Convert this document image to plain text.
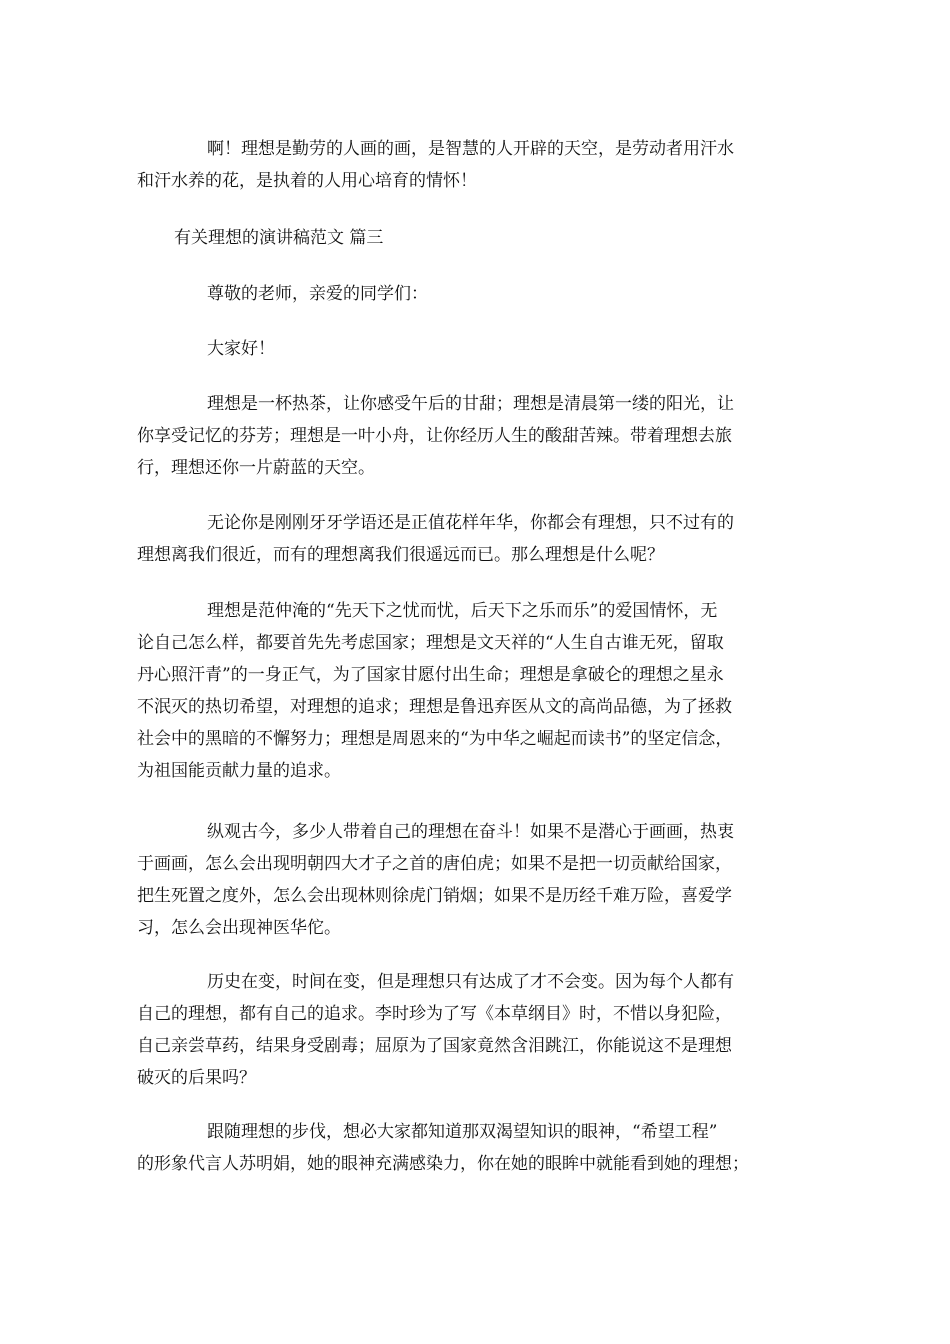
啊！理想是勤劳的人画的画，是智慧的人开辟的天空，是劳动者用汗水
和汗水养的花，是执着的人用心培育的情怀！
有关理想的演讲稿范文 篇三
尊敬的老师，亲爱的同学们：
大家好！
理想是一杯热茶，让你感受午后的甘甜；理想是清晨第一缕的阳光，让
你享受记忆的芬芳；理想是一叶小舟，让你经历人生的酸甜苦辣。带着理想去旅
行，理想还你一片蔚蓝的天空。
无论你是刚刚牙牙学语还是正值花样年华，你都会有理想，只不过有的
理想离我们很近，而有的理想离我们很遥远而已。那么理想是什么呢？
理想是范仲淹的“先天下之忧而忧，后天下之乐而乐”的爱国情怀，无
论自己怎么样，都要首先先考虑国家；理想是文天祥的“人生自古谁无死，留取
丹心照汗青”的一身正气，为了国家甘愿付出生命；理想是拿破仑的理想之星永
不泯灭的热切希望，对理想的追求；理想是鲁迅弃医从文的高尚品德，为了拯救
社会中的黑暗的不懈努力；理想是周恩来的“为中华之崛起而读书”的坚定信念，
为祖国能贡献力量的追求。
纵观古今，多少人带着自己的理想在奋斗！如果不是潜心于画画，热衷
于画画，怎么会出现明朝四大才子之首的唐伯虎；如果不是把一切贡献给国家，
把生死置之度外，怎么会出现林则徐虎门销烟；如果不是历经千难万险，喜爱学
习，怎么会出现神医华佗。
历史在变，时间在变，但是理想只有达成了才不会变。因为每个人都有
自己的理想，都有自己的追求。李时珍为了写《本草纲目》时，不惜以身犯险，
自己亲尝草药，结果身受剧毒；屈原为了国家竟然含泪跳江，你能说这不是理想
破灭的后果吗？
跟随理想的步伐，想必大家都知道那双渴望知识的眼神，“希望工程”
的形象代言人苏明娟，她的眼神充满感染力，你在她的眼眸中就能看到她的理想；
